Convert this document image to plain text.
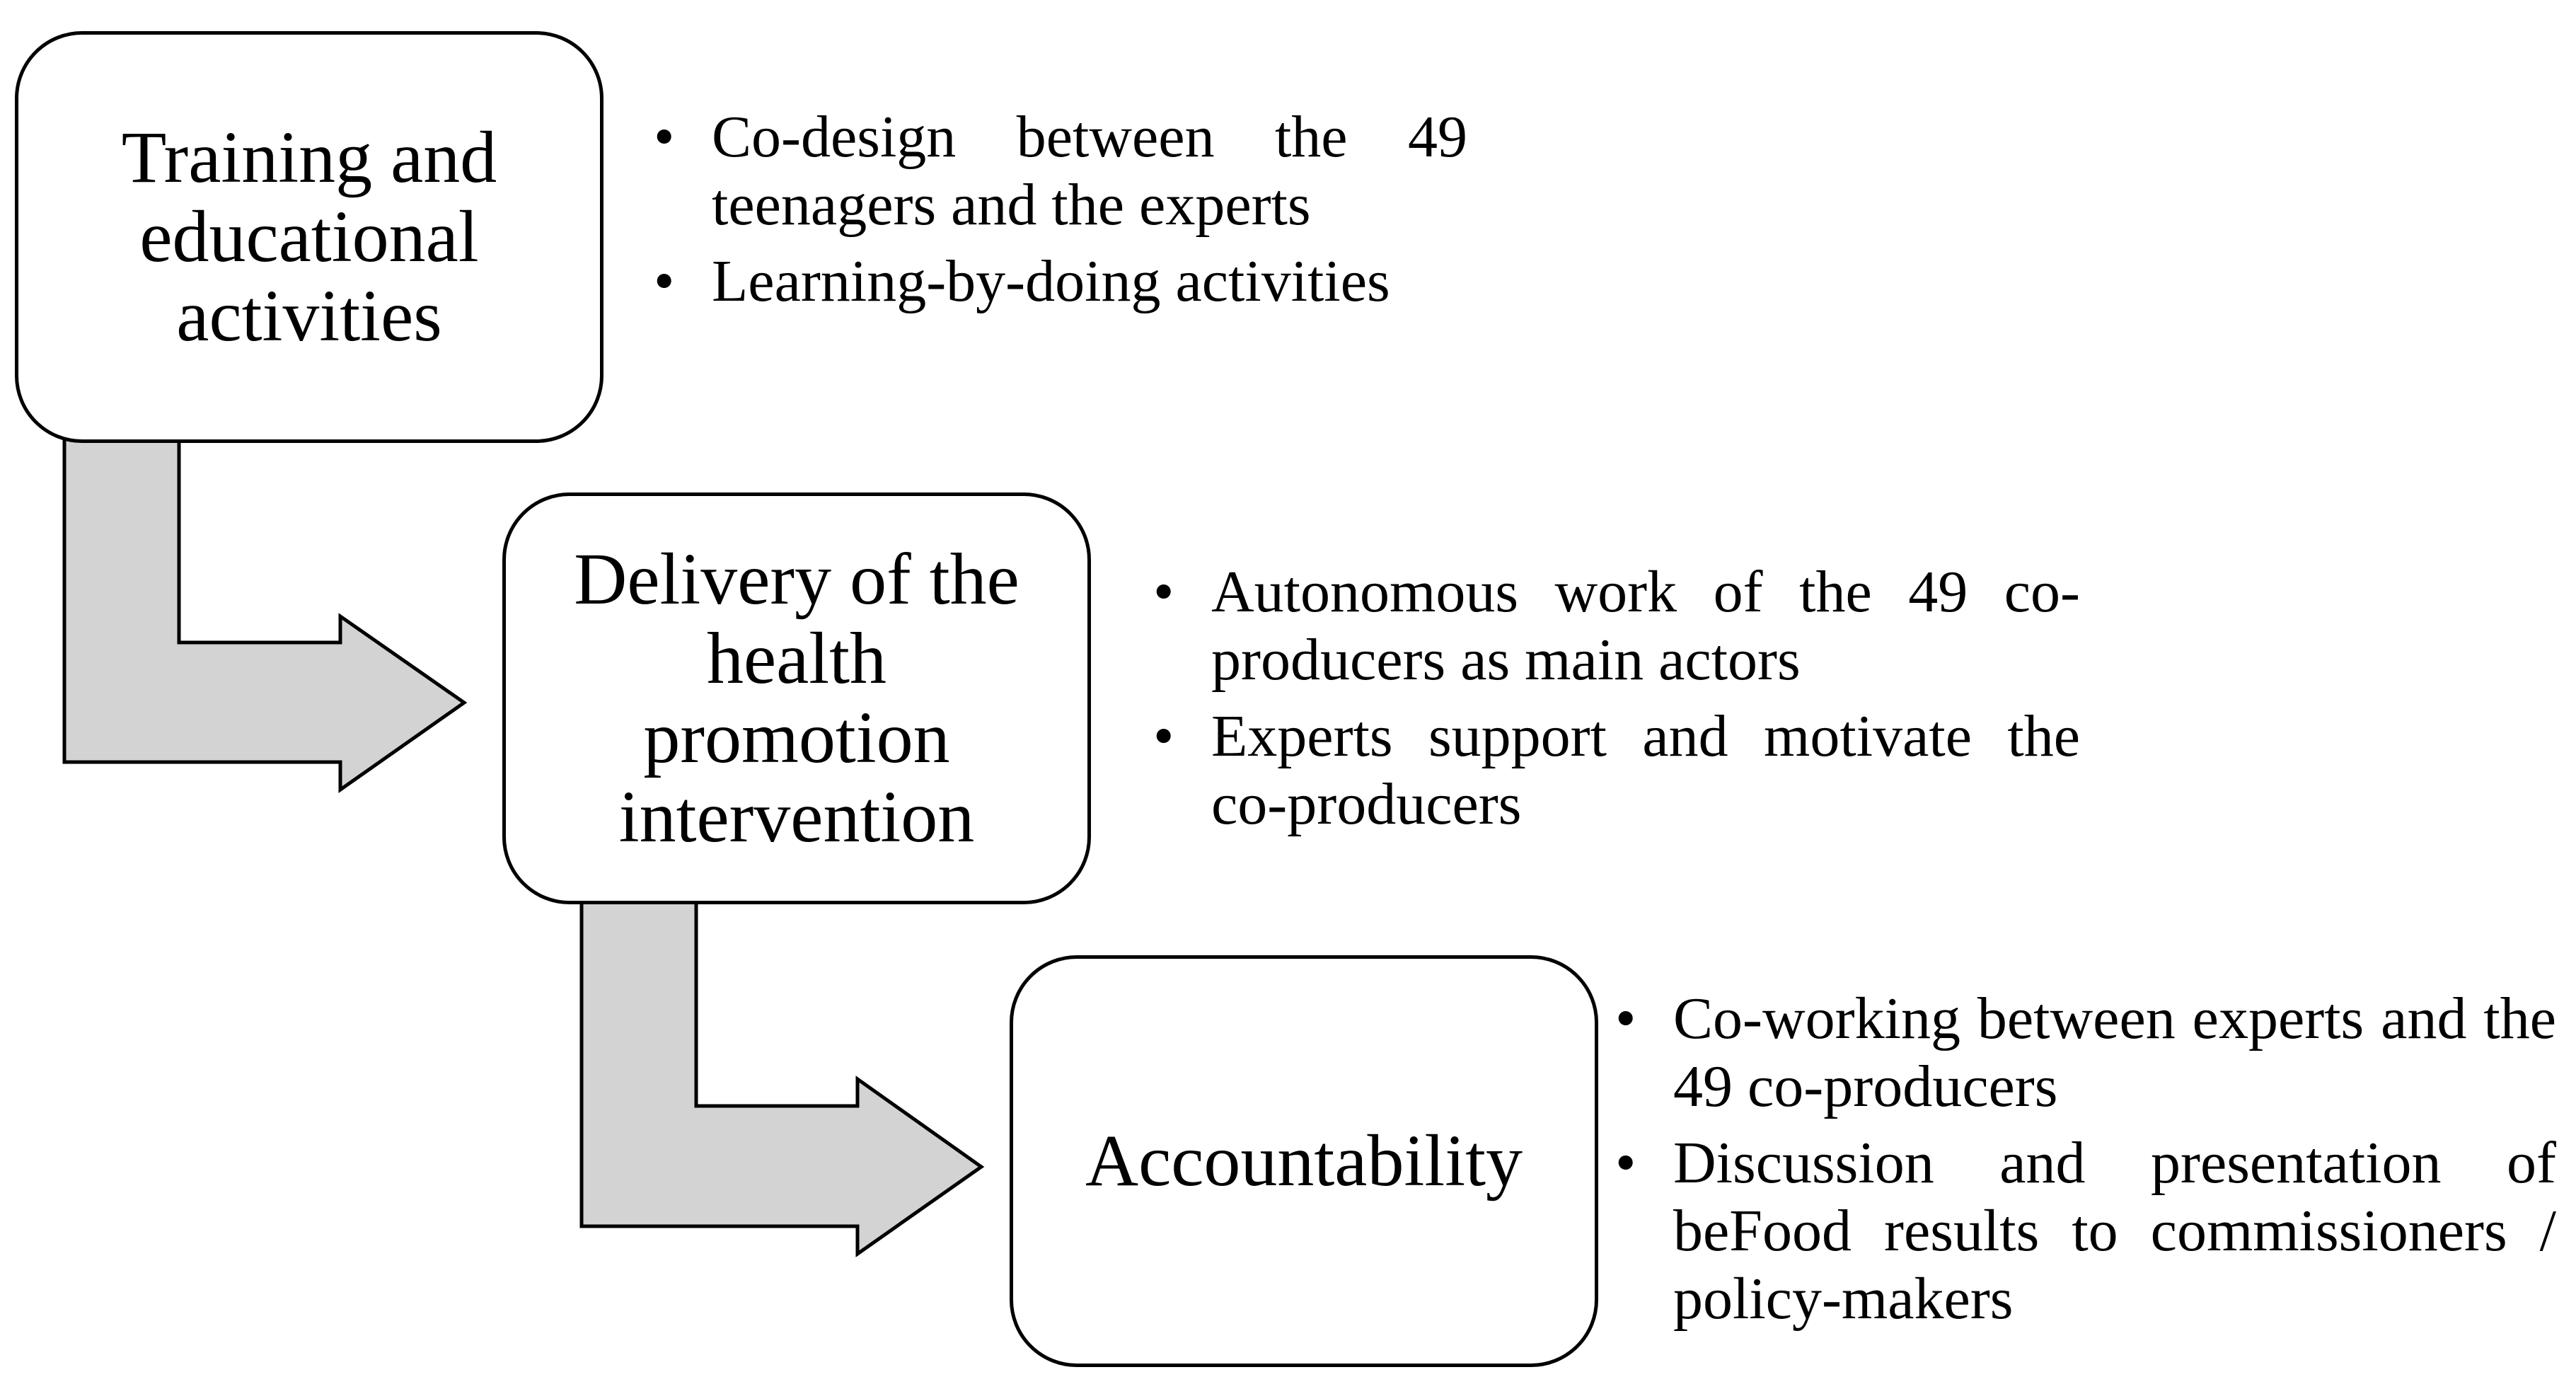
Training and
educational
activities
• Co-design between the 49 teenagers and the experts
• Learning-by-doing activities
Delivery of the
health
promotion
intervention
• Autonomous work of the 49 co-producers as main actors
• Experts support and motivate the co-producers
Accountability
• Co-working between experts and the 49 co-producers
• Discussion and presentation of beFood results to commissioners / policy-makers
